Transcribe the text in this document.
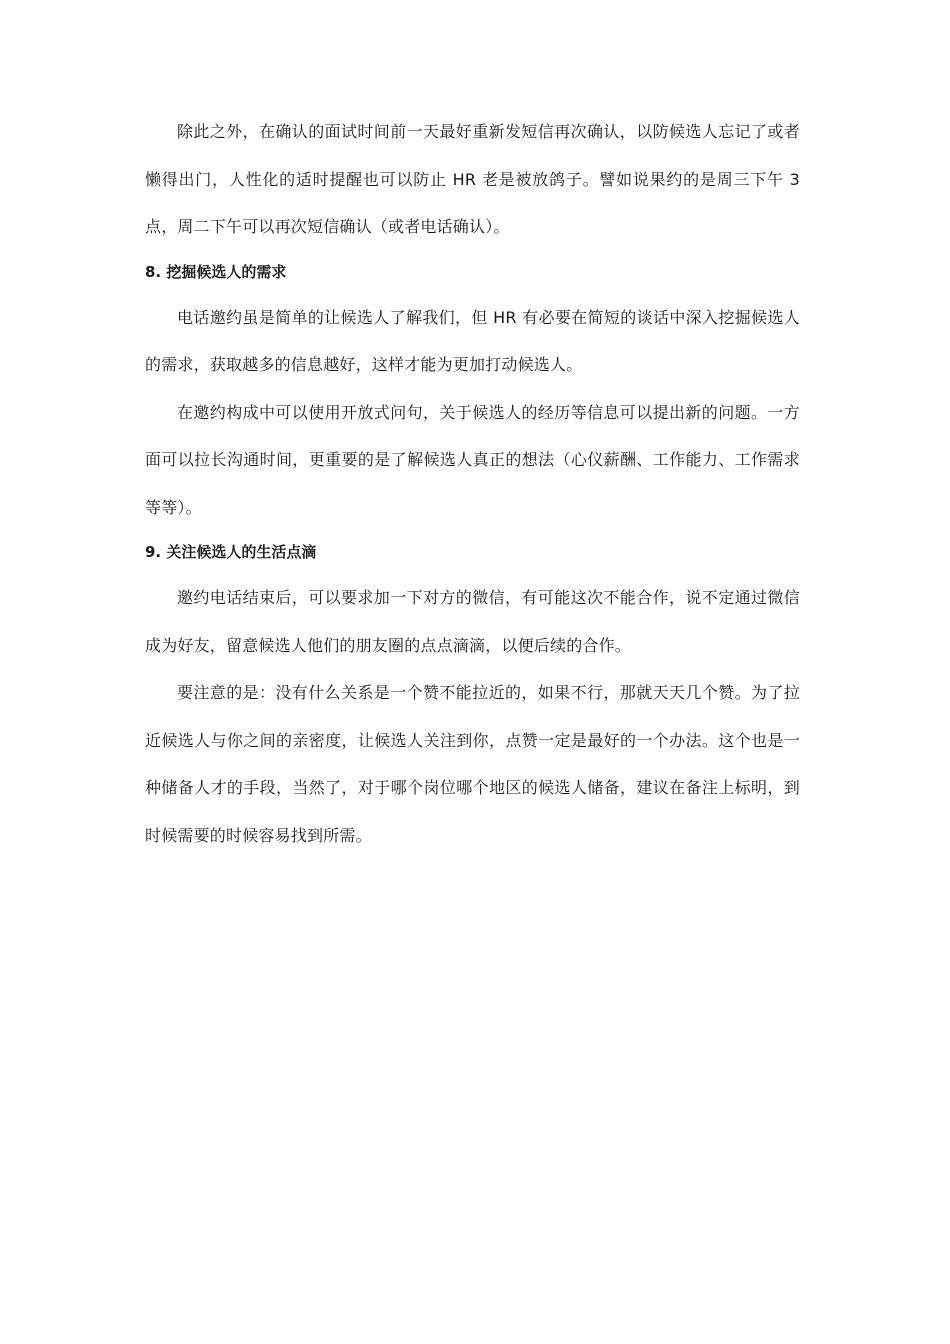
除此之外，在确认的面试时间前一天最好重新发短信再次确认，以防候选人忘记了或者懒得出门，人性化的适时提醒也可以防止 HR 老是被放鸽子。譬如说果约的是周三下午 3 点，周二下午可以再次短信确认（或者电话确认）。

8. 挖掘候选人的需求

电话邀约虽是简单的让候选人了解我们，但 HR 有必要在简短的谈话中深入挖掘候选人的需求，获取越多的信息越好，这样才能为更加打动候选人。

在邀约构成中可以使用开放式问句，关于候选人的经历等信息可以提出新的问题。一方面可以拉长沟通时间，更重要的是了解候选人真正的想法（心仪薪酬、工作能力、工作需求等等）。

9. 关注候选人的生活点滴

邀约电话结束后，可以要求加一下对方的微信，有可能这次不能合作，说不定通过微信成为好友，留意候选人他们的朋友圈的点点滴滴，以便后续的合作。

要注意的是：没有什么关系是一个赞不能拉近的，如果不行，那就天天几个赞。为了拉近候选人与你之间的亲密度，让候选人关注到你，点赞一定是最好的一个办法。这个也是一种储备人才的手段，当然了，对于哪个岗位哪个地区的候选人储备，建议在备注上标明，到时候需要的时候容易找到所需。
